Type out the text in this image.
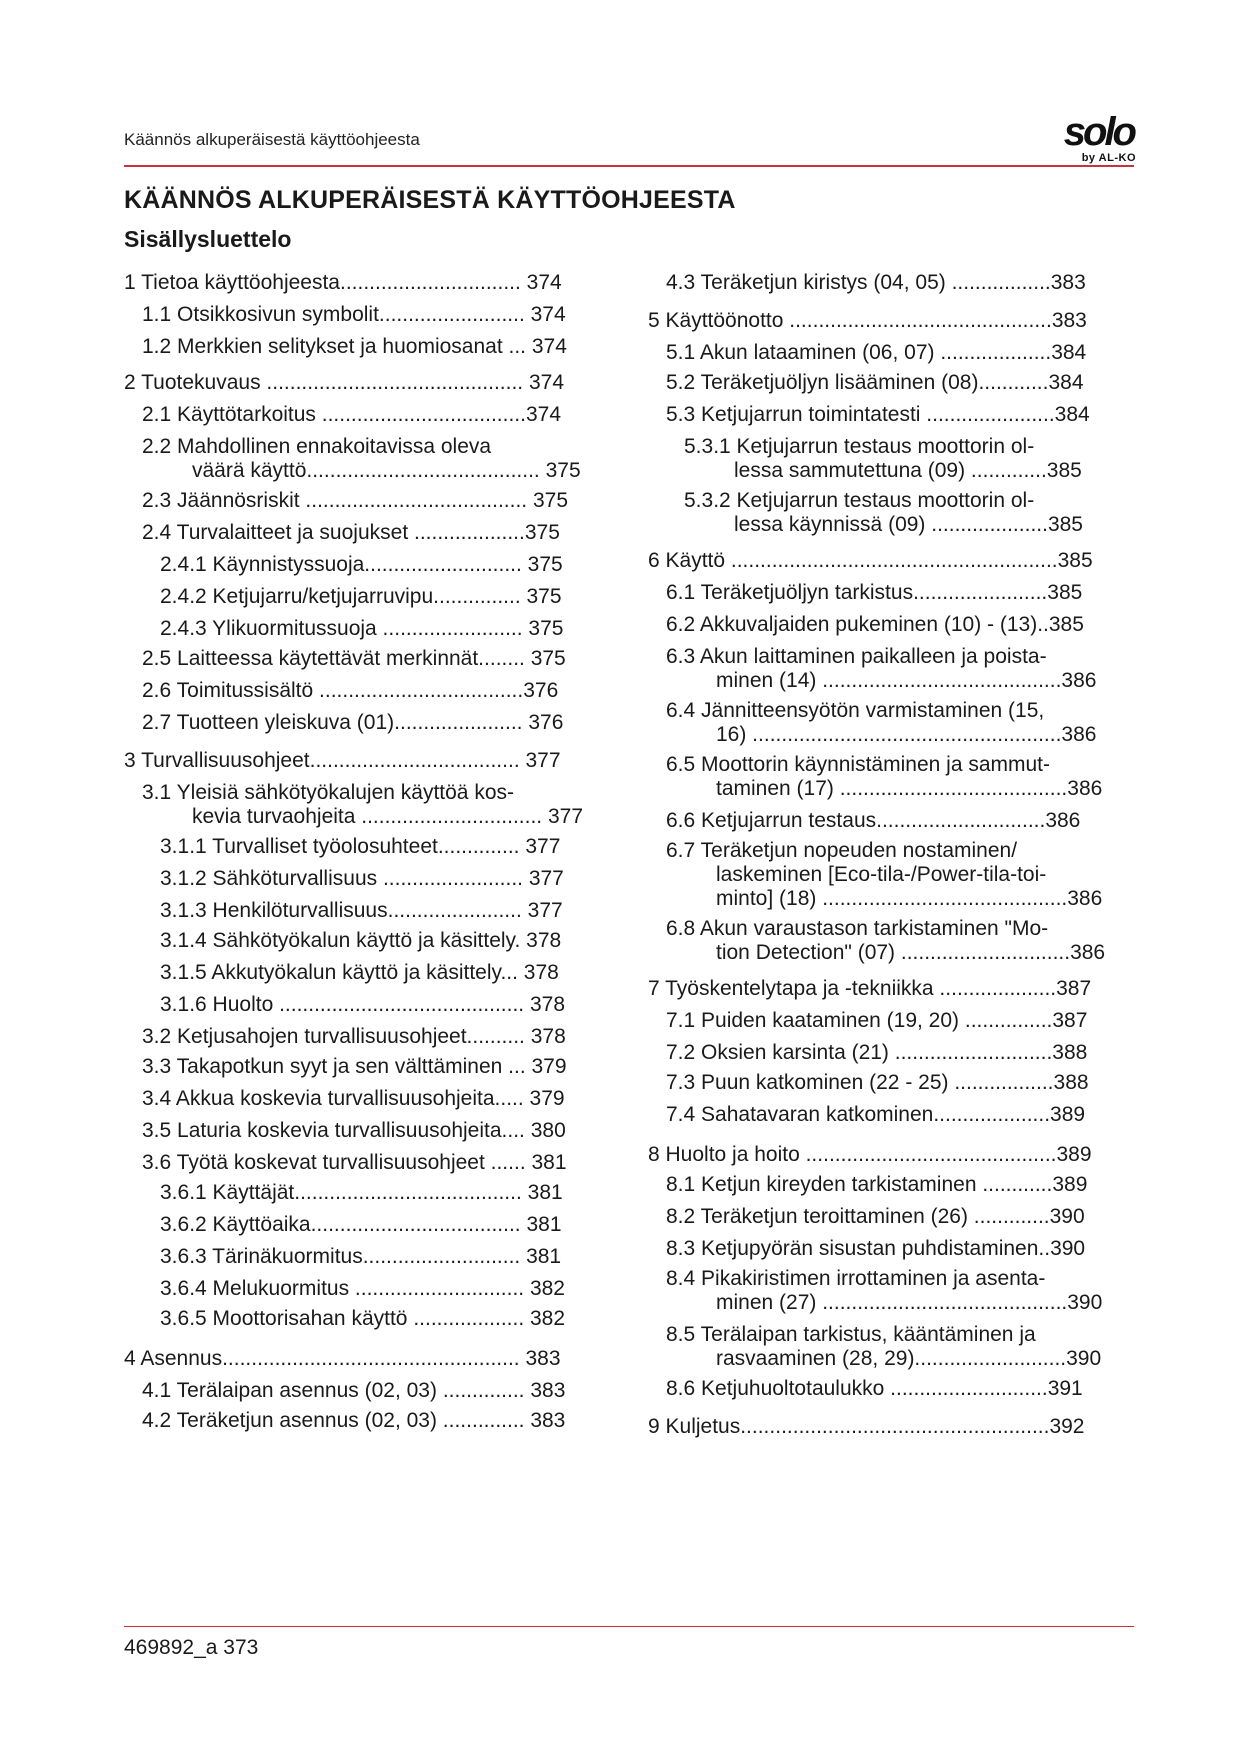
Käännös alkuperäisestä käyttöohjeesta	solo
by AL-KO
KÄÄNNÖS ALKUPERÄISESTÄ KÄYTTÖOHJEESTA
Sisällysluettelo
1 Tietoa käyttöohjeesta............................... 374
1.1 Otsikkosivun symbolit......................... 374
1.2 Merkkien selitykset ja huomiosanat ... 374
2 Tuotekuvaus ............................................ 374
2.1 Käyttötarkoitus ...................................374
2.2 Mahdollinen ennakoitavissa oleva
väärä käyttö........................................ 375
2.3 Jäännösriskit ...................................... 375
2.4 Turvalaitteet ja suojukset ...................375
2.4.1 Käynnistyssuoja........................... 375
2.4.2 Ketjujarru/ketjujarruvipu............... 375
2.4.3 Ylikuormitussuoja ........................ 375
2.5 Laitteessa käytettävät merkinnät........ 375
2.6 Toimitussisältö ...................................376
2.7 Tuotteen yleiskuva (01)...................... 376
3 Turvallisuusohjeet.................................... 377
3.1 Yleisiä sähkötyökalujen käyttöä kos-
kevia turvaohjeita ............................... 377
3.1.1 Turvalliset työolosuhteet.............. 377
3.1.2 Sähköturvallisuus ........................ 377
3.1.3 Henkilöturvallisuus....................... 377
3.1.4 Sähkötyökalun käyttö ja käsittely. 378
3.1.5 Akkutyökalun käyttö ja käsittely... 378
3.1.6 Huolto .......................................... 378
3.2 Ketjusahojen turvallisuusohjeet.......... 378
3.3 Takapotkun syyt ja sen välttäminen ... 379
3.4 Akkua koskevia turvallisuusohjeita..... 379
3.5 Laturia koskevia turvallisuusohjeita.... 380
3.6 Työtä koskevat turvallisuusohjeet ...... 381
3.6.1 Käyttäjät....................................... 381
3.6.2 Käyttöaika.................................... 381
3.6.3 Tärinäkuormitus........................... 381
3.6.4 Melukuormitus ............................. 382
3.6.5 Moottorisahan käyttö ................... 382
4 Asennus................................................... 383
4.1 Terälaipan asennus (02, 03) .............. 383
4.2 Teräketjun asennus (02, 03) .............. 383
4.3 Teräketjun kiristys (04, 05) .................383
5 Käyttöönotto .............................................383
5.1 Akun lataaminen (06, 07) ...................384
5.2 Teräketjuöljyn lisääminen (08)............384
5.3 Ketjujarrun toimintatesti ......................384
5.3.1 Ketjujarrun testaus moottorin ol-
lessa sammutettuna (09) .............385
5.3.2 Ketjujarrun testaus moottorin ol-
lessa käynnissä (09) ....................385
6 Käyttö ........................................................385
6.1 Teräketjuöljyn tarkistus.......................385
6.2 Akkuvaljaiden pukeminen (10) - (13)..385
6.3 Akun laittaminen paikalleen ja poista-
minen (14) .........................................386
6.4 Jännitteensyötön varmistaminen (15,
16) .....................................................386
6.5 Moottorin käynnistäminen ja sammut-
taminen (17) .......................................386
6.6 Ketjujarrun testaus.............................386
6.7 Teräketjun nopeuden nostaminen/
laskeminen [Eco-tila-/Power-tila-toi-
minto] (18) ..........................................386
6.8 Akun varaustason tarkistaminen "Mo-
tion Detection" (07) .............................386
7 Työskentelytapa ja -tekniikka ....................387
7.1 Puiden kaataminen (19, 20) ...............387
7.2 Oksien karsinta (21) ...........................388
7.3 Puun katkominen (22 - 25) .................388
7.4 Sahatavaran katkominen....................389
8 Huolto ja hoito ...........................................389
8.1 Ketjun kireyden tarkistaminen ............389
8.2 Teräketjun teroittaminen (26) .............390
8.3 Ketjupyörän sisustan puhdistaminen..390
8.4 Pikakiristimen irrottaminen ja asenta-
minen (27) ..........................................390
8.5 Terälaipan tarkistus, kääntäminen ja
rasvaaminen (28, 29)..........................390
8.6 Ketjuhuoltotaulukko ...........................391
9 Kuljetus.....................................................392
469892_a 373
